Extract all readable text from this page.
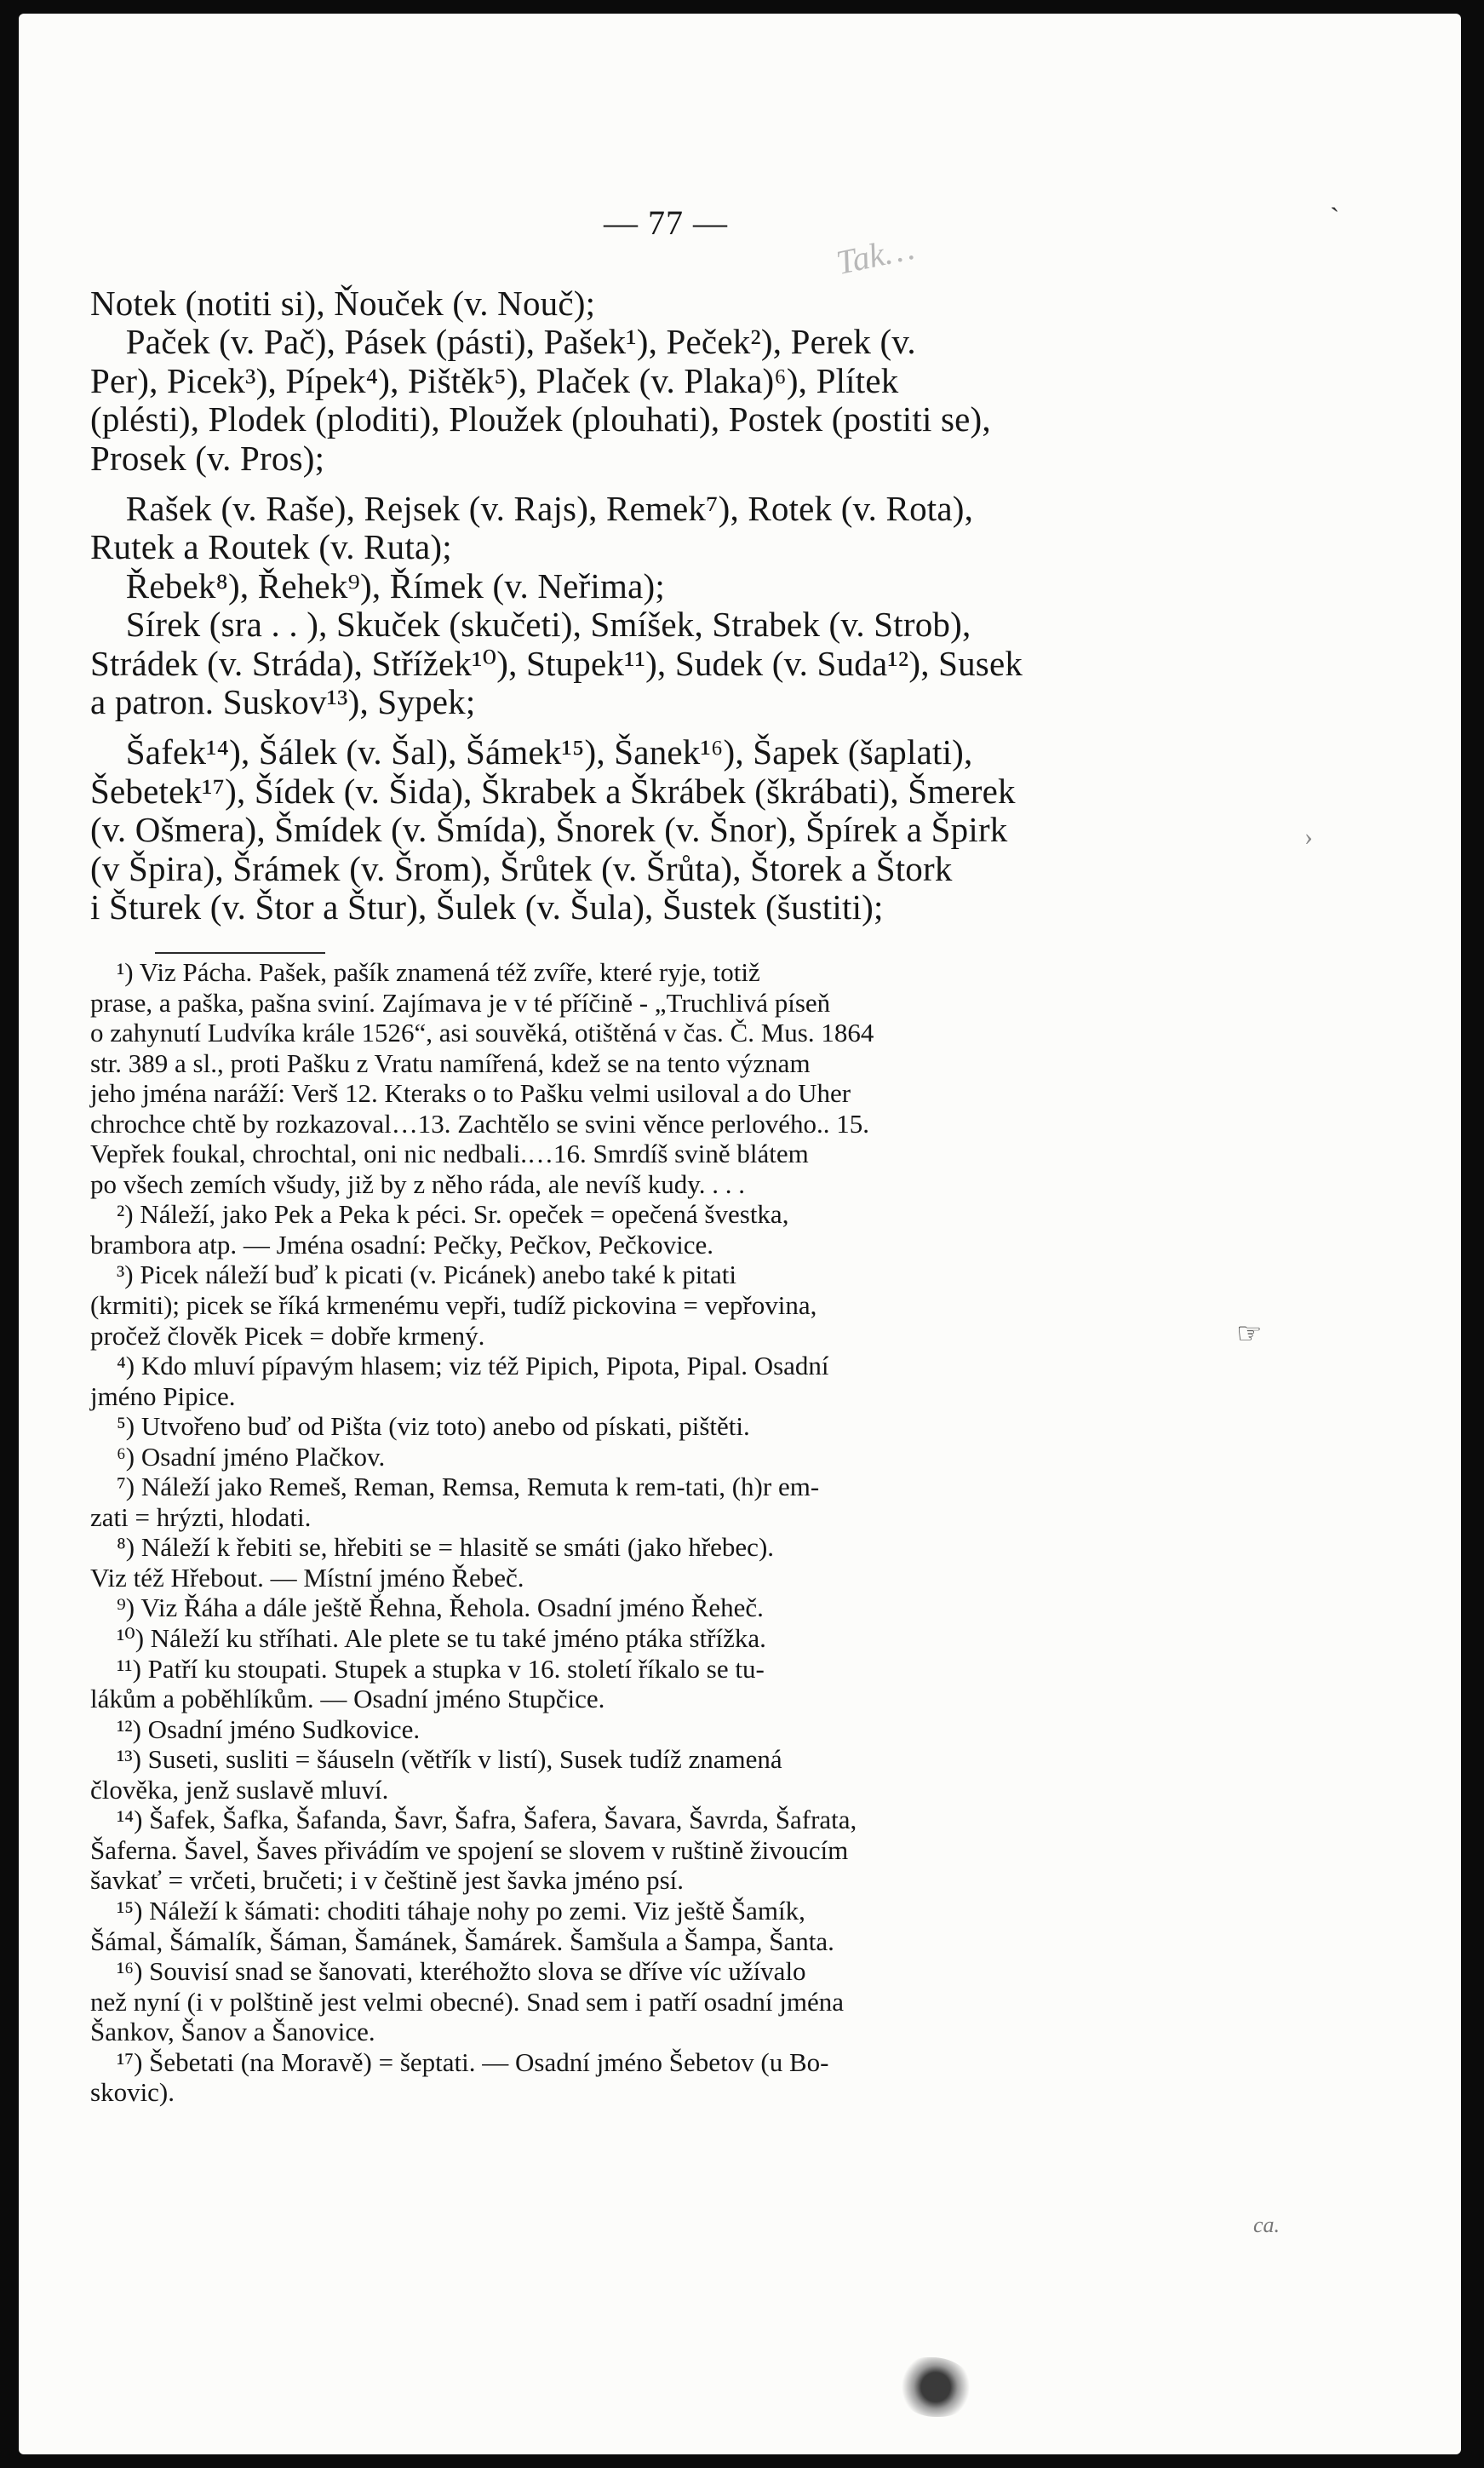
— 77 —
Tak…
ˏ
›
☞
ca.
Notek (notiti si), Ňouček (v. Nouč);
Paček (v. Pač), Pásek (pásti), Pašek¹), Peček²), Perek (v.
Per), Picek³), Pípek⁴), Pištěk⁵), Plaček (v. Plaka)⁶), Plítek
(plésti), Plodek (ploditi), Ploužek (plouhati), Postek (postiti se),
Prosek (v. Pros);
Rašek (v. Raše), Rejsek (v. Rajs), Remek⁷), Rotek (v. Rota),
Rutek a Routek (v. Ruta);
Řebek⁸), Řehek⁹), Římek (v. Neřima);
Sírek (sra . . ), Skuček (skučeti), Smíšek, Strabek (v. Strob),
Strádek (v. Stráda), Střížek¹⁰), Stupek¹¹), Sudek (v. Suda¹²), Susek
a patron. Suskov¹³), Sypek;
Šafek¹⁴), Šálek (v. Šal), Šámek¹⁵), Šanek¹⁶), Šapek (šaplati),
Šebetek¹⁷), Šídek (v. Šida), Škrabek a Škrábek (škrábati), Šmerek
(v. Ošmera), Šmídek (v. Šmída), Šnorek (v. Šnor), Špírek a Špirk
(v Špira), Šrámek (v. Šrom), Šrůtek (v. Šrůta), Štorek a Štork
i Šturek (v. Štor a Štur), Šulek (v. Šula), Šustek (šustiti);
¹) Viz Pácha. Pašek, pašík znamená též zvíře, které ryje, totiž
prase, a paška, pašna sviní. Zajímava je v té příčině - „Truchlivá píseň
o zahynutí Ludvíka krále 1526“, asi souvěká, otištěná v čas. Č. Mus. 1864
str. 389 a sl., proti Pašku z Vratu namířená, kdež se na tento význam
jeho jména naráží: Verš 12. Kteraks o to Pašku velmi usiloval a do Uher
chrochce chtě by rozkazoval…13. Zachtělo se svini věnce perlového.. 15.
Vepřek foukal, chrochtal, oni nic nedbali.…16. Smrdíš svině blátem
po všech zemích všudy, již by z něho ráda, ale nevíš kudy. . . .
²) Náleží, jako Pek a Peka k péci. Sr. opeček = opečená švestka,
brambora atp. — Jména osadní: Pečky, Pečkov, Pečkovice.
³) Picek náleží buď k picati (v. Picánek) anebo také k pitati
(krmiti); picek se říká krmenému vepři, tudíž pickovina = vepřovina,
pročež člověk Picek = dobře krmený.
⁴) Kdo mluví pípavým hlasem; viz též Pipich, Pipota, Pipal. Osadní
jméno Pipice.
⁵) Utvořeno buď od Pišta (viz toto) anebo od pískati, pištěti.
⁶) Osadní jméno Plačkov.
⁷) Náleží jako Remeš, Reman, Remsa, Remuta k rem-tati, (h)r em-
zati = hrýzti, hlodati.
⁸) Náleží k řebiti se, hřebiti se = hlasitě se smáti (jako hřebec).
Viz též Hřebout. — Místní jméno Řebeč.
⁹) Viz Řáha a dále ještě Řehna, Řehola. Osadní jméno Řeheč.
¹⁰) Náleží ku stříhati. Ale plete se tu také jméno ptáka střížka.
¹¹) Patří ku stoupati. Stupek a stupka v 16. století říkalo se tu-
lákům a poběhlíkům. — Osadní jméno Stupčice.
¹²) Osadní jméno Sudkovice.
¹³) Suseti, susliti = šáuseln (větřík v listí), Susek tudíž znamená
člověka, jenž suslavě mluví.
¹⁴) Šafek, Šafka, Šafanda, Šavr, Šafra, Šafera, Šavara, Šavrda, Šafrata,
Šaferna. Šavel, Šaves přivádím ve spojení se slovem v ruštině živoucím
šavkať = vrčeti, bručeti; i v češtině jest šavka jméno psí.
¹⁵) Náleží k šámati: choditi táhaje nohy po zemi. Viz ještě Šamík,
Šámal, Šámalík, Šáman, Šamánek, Šamárek. Šamšula a Šampa, Šanta.
¹⁶) Souvisí snad se šanovati, kteréhožto slova se dříve víc užívalo
než nyní (i v polštině jest velmi obecné). Snad sem i patří osadní jména
Šankov, Šanov a Šanovice.
¹⁷) Šebetati (na Moravě) = šeptati. — Osadní jméno Šebetov (u Bo-
skovic).
